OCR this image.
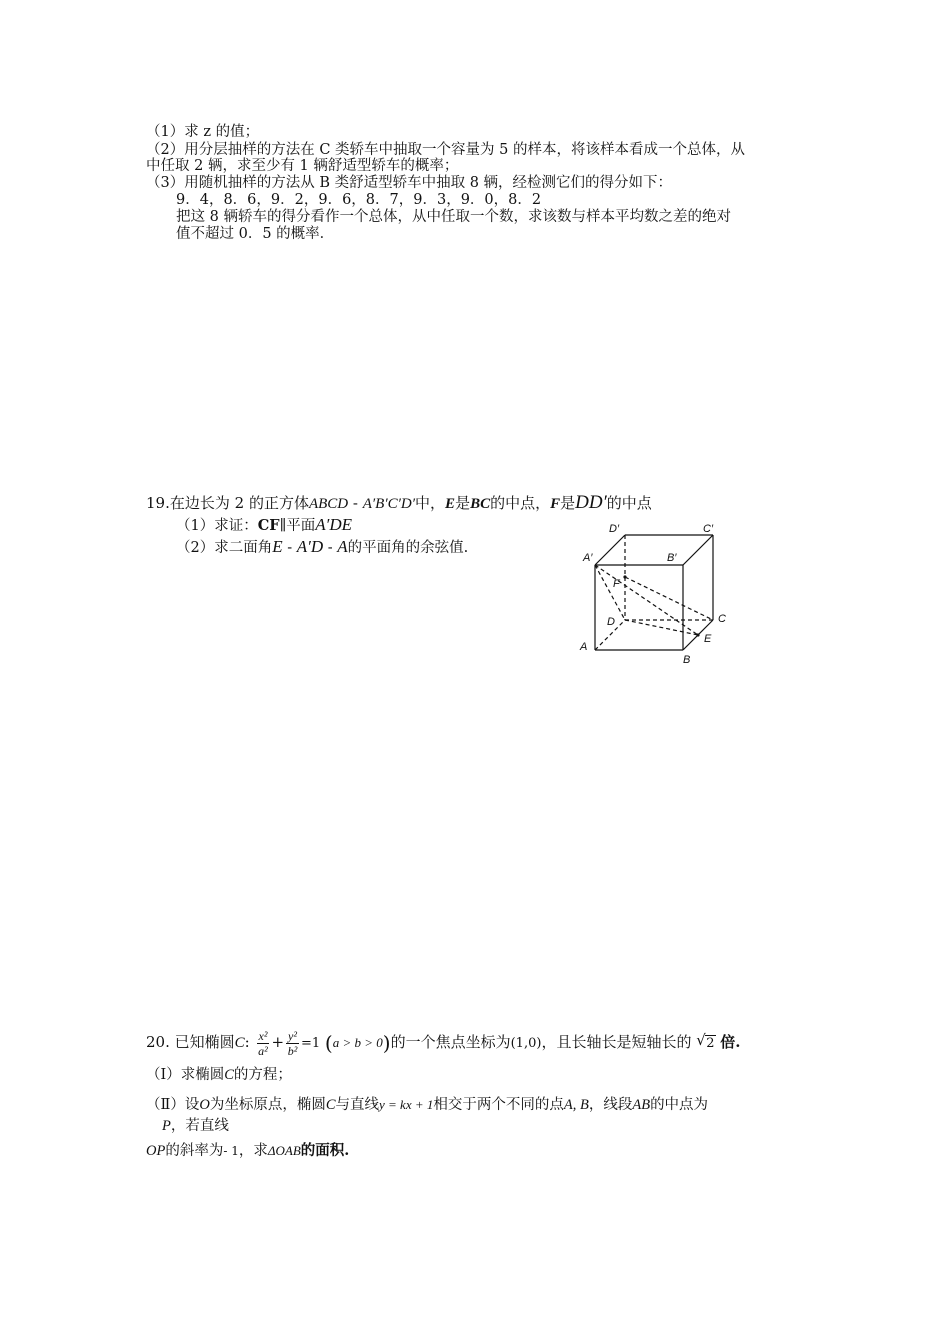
（1）求 z 的值；
（2）用分层抽样的方法在 C 类轿车中抽取一个容量为 5 的样本，将该样本看成一个总体，从
中任取 2 辆，求至少有 1 辆舒适型轿车的概率；
（3）用随机抽样的方法从 B 类舒适型轿车中抽取 8 辆，经检测它们的得分如下：
9．4，8．6，9．2，9．6，8．7，9．3，9．0，8．2
把这 8 辆轿车的得分看作一个总体，从中任取一个数，求该数与样本平均数之差的绝对
值不超过 0．5 的概率．
19.在边长为 2 的正方体ABCD - A′B′C′D′中，E是BC的中点，F是DD′的中点
（1）求证：CF∥平面A′DE
（2）求二面角E - A′D - A的平面角的余弦值.
D′	C′
A′	B′
F
D	C
A
E
B
20. 已知椭圆C: $\frac{\text{x²}}{\text{a²}} + \frac{\text{y²}}{\text{b²}} =1$ (a > b > 0)的一个焦点坐标为(1,0)，且长轴长是短轴长的 √ 2 倍.
（Ⅰ）求椭圆C的方程；
（Ⅱ）设O为坐标原点，椭圆C与直线y = kx + 1相交于两个不同的点A, B，线段AB的中点为
P，若直线
OP的斜率为- 1，求ΔOAB的面积.
